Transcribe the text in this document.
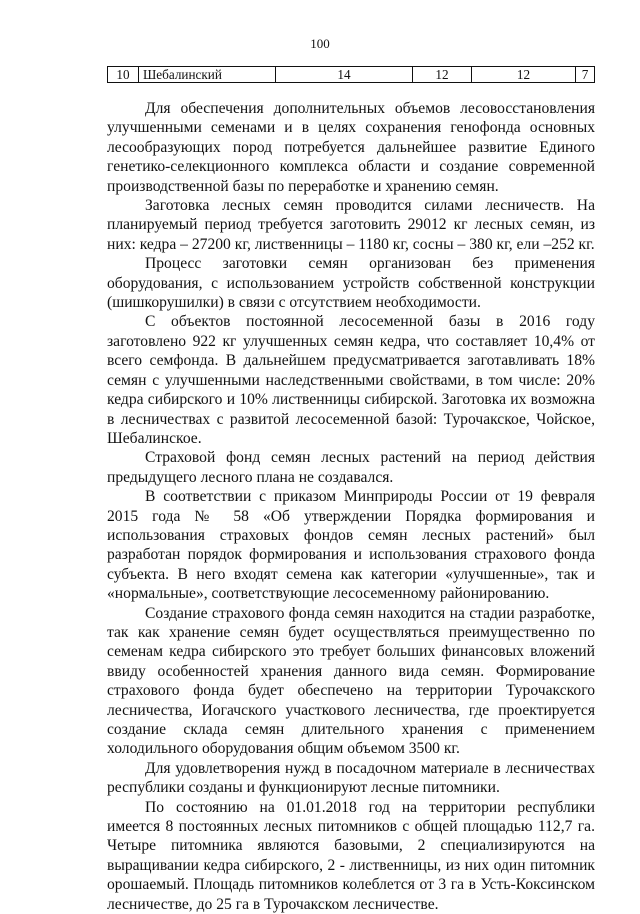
100
10	Шебалинский	14	12	12	7

Для обеспечения дополнительных объемов лесовосстановления улучшенными семенами и в целях сохранения генофонда основных лесообразующих пород потребуется дальнейшее развитие Единого генетико-селекционного комплекса области и создание современной производственной базы по переработке и хранению семян.

Заготовка лесных семян проводится силами лесничеств. На планируемый период требуется заготовить 29012 кг лесных семян, из них: кедра – 27200 кг, лиственницы – 1180 кг, сосны – 380 кг, ели –252 кг.

Процесс заготовки семян организован без применения оборудования, с использованием устройств собственной конструкции (шишкорушилки) в связи с отсутствием необходимости.

С объектов постоянной лесосеменной базы в 2016 году заготовлено 922 кг улучшенных семян кедра, что составляет 10,4% от всего семфонда. В дальнейшем предусматривается заготавливать 18% семян с улучшенными наследственными свойствами, в том числе: 20% кедра сибирского и 10% лиственницы сибирской. Заготовка их возможна в лесничествах с развитой лесосеменной базой: Турочакское, Чойское, Шебалинское.

Страховой фонд семян лесных растений на период действия предыдущего лесного плана не создавался.

В соответствии с приказом Минприроды России от 19 февраля 2015 года № 58 «Об утверждении Порядка формирования и использования страховых фондов семян лесных растений» был разработан порядок формирования и использования страхового фонда субъекта. В него входят семена как категории «улучшенные», так и «нормальные», соответствующие лесосеменному районированию.

Создание страхового фонда семян находится на стадии разработке, так как хранение семян будет осуществляться преимущественно по семенам кедра сибирского это требует больших финансовых вложений ввиду особенностей хранения данного вида семян. Формирование страхового фонда будет обеспечено на территории Турочакского лесничества, Иогачского участкового лесничества, где проектируется создание склада семян длительного хранения с применением холодильного оборудования общим объемом 3500 кг.

Для удовлетворения нужд в посадочном материале в лесничествах республики созданы и функционируют лесные питомники.

По состоянию на 01.01.2018 год на территории республики имеется 8 постоянных лесных питомников с общей площадью 112,7 га. Четыре питомника являются базовыми, 2 специализируются на выращивании кедра сибирского, 2 - лиственницы, из них один питомник орошаемый. Площадь питомников колеблется от 3 га в Усть-Коксинском лесничестве, до 25 га в Турочакском лесничестве.
